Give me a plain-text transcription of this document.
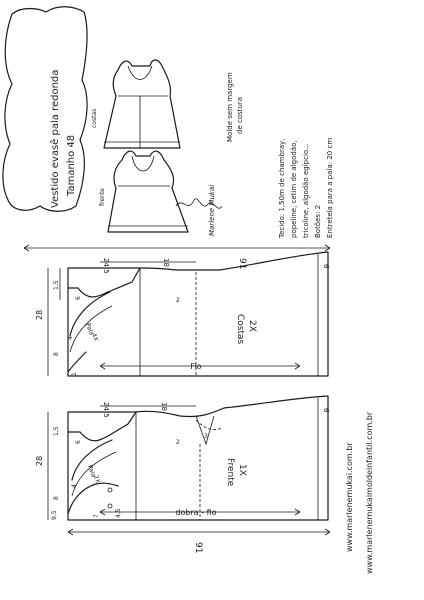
Vestido evasê pala redonda Tamanho 48
costas
frente	Marlene Mukai
Molde sem margem de costura
Tecido: 1,50m de chambray, popeline, cetim de algodão, tricoline, algodão egípcio... Botões: 2 Entretela para a pala: 20 cm
91
Fio
Costas 2X
Pala
4X
28
1,5
8
6
4
1
2
24,5	18	6
dobra - fio
Frente 1X
Pala
2X
28
1,5
8
6
9,5
4
7	4,5
2
3
24,5	18	6
91	www.marlenemukai.com.br www.marlenemukaimoldeinfantil.com.br
